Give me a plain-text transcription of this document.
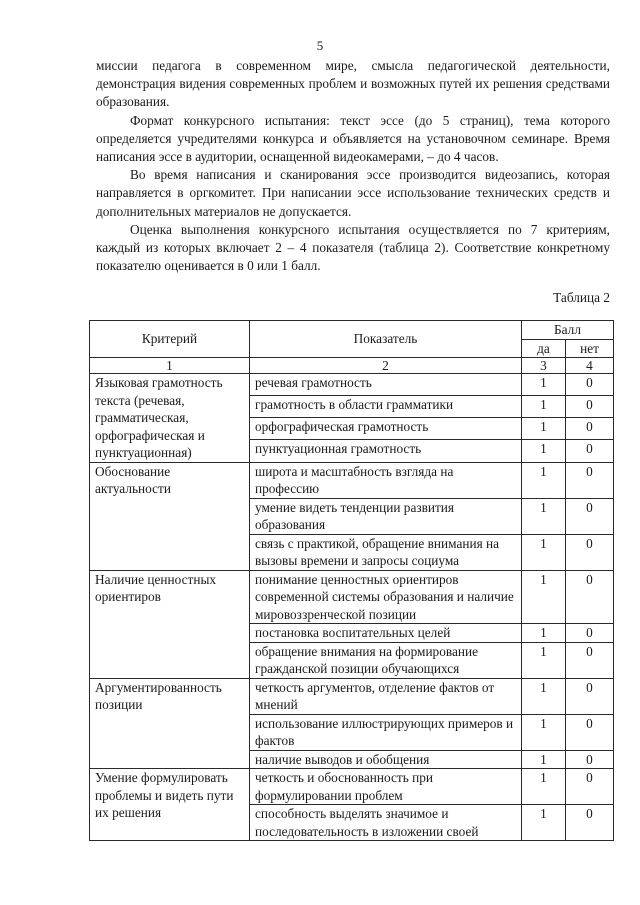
5

миссии педагога в современном мире, смысла педагогической деятельности, демонстрация видения современных проблем и возможных путей их решения средствами образования.

Формат конкурсного испытания: текст эссе (до 5 страниц), тема которого определяется учредителями конкурса и объявляется на установочном семинаре. Время написания эссе в аудитории, оснащенной видеокамерами, – до 4 часов.

Во время написания и сканирования эссе производится видеозапись, которая направляется в оргкомитет. При написании эссе использование технических средств и дополнительных материалов не допускается.

Оценка выполнения конкурсного испытания осуществляется по 7 критериям, каждый из которых включает 2 – 4 показателя (таблица 2). Соответствие конкретному показателю оценивается в 0 или 1 балл.

Таблица 2
Критерий	Показатель	Балл	
		да	нет
1	2	3	4
Языковая грамотность текста (речевая, грамматическая, орфографическая и пунктуационная)	речевая грамотность	1	0
	грамотность в области грамматики	1	0
	орфографическая грамотность	1	0
	пунктуационная грамотность	1	0
Обоснование актуальности	широта и масштабность взгляда на профессию	1	0
	умение видеть тенденции развития образования	1	0
	связь с практикой, обращение внимания на вызовы времени и запросы социума	1	0
Наличие ценностных ориентиров	понимание ценностных ориентиров современной системы образования и наличие мировоззренческой позиции	1	0
	постановка воспитательных целей	1	0
	обращение внимания на формирование гражданской позиции обучающихся	1	0
Аргументированность позиции	четкость аргументов, отделение фактов от мнений	1	0
	использование иллюстрирующих примеров и фактов	1	0
	наличие выводов и обобщения	1	0
Умение формулировать проблемы и видеть пути их решения	четкость и обоснованность при формулировании проблем	1	0
	способность выделять значимое и последовательность в изложении своей	1	0
